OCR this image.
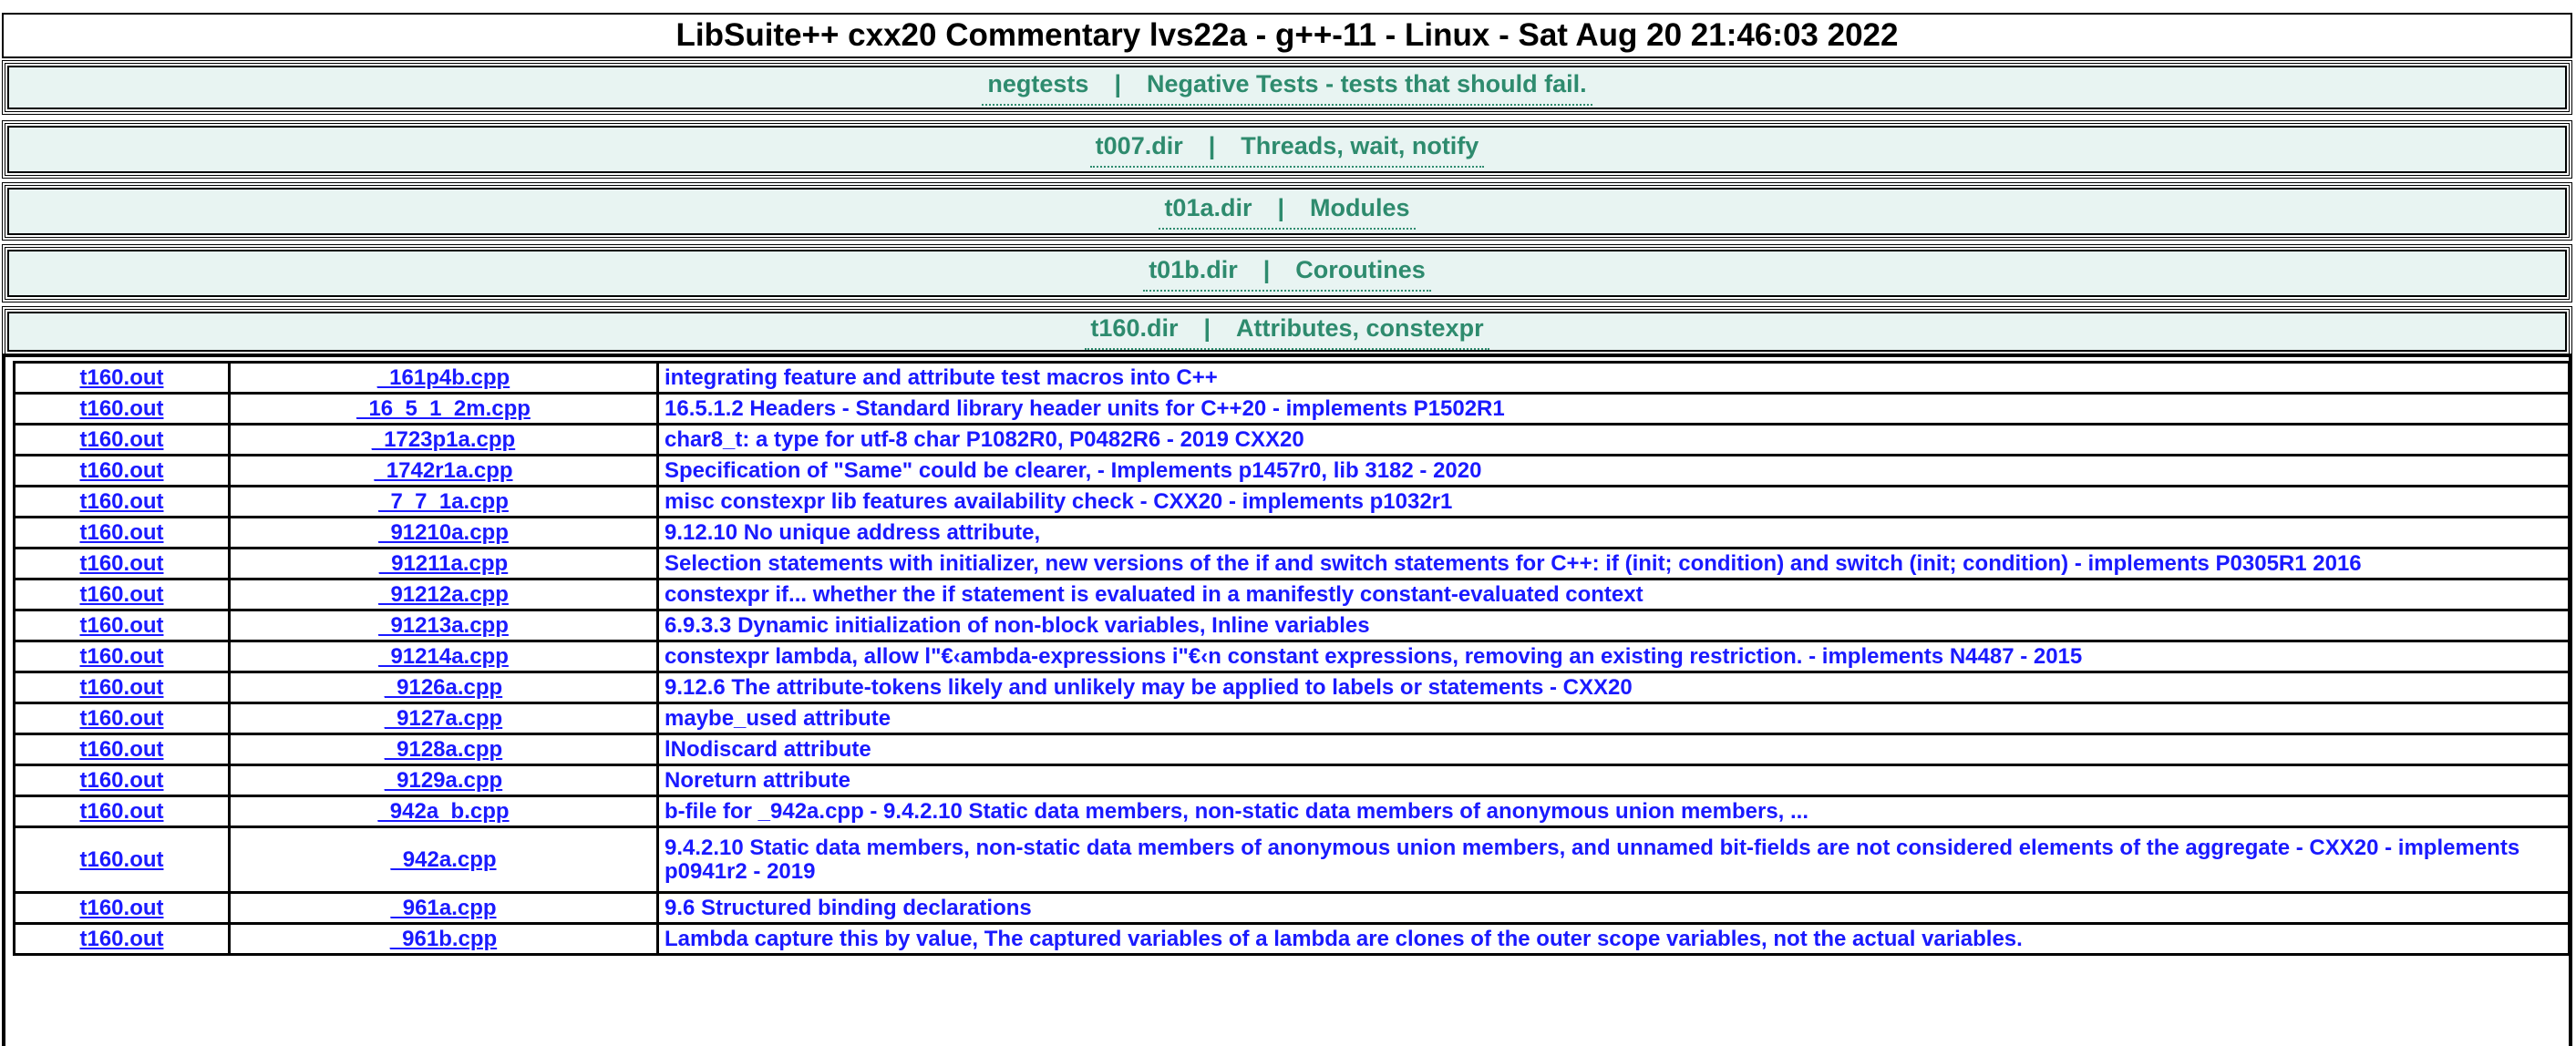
LibSuite++ cxx20 Commentary lvs22a - g++-11 - Linux - Sat Aug 20 21:46:03 2022
negtests | Negative Tests - tests that should fail.
t007.dir | Threads, wait, notify
t01a.dir | Modules
t01b.dir | Coroutines
t160.dir | Attributes, constexpr
t160.out	_161p4b.cpp	integrating feature and attribute test macros into C++
t160.out	_16_5_1_2m.cpp	16.5.1.2 Headers - Standard library header units for C++20 - implements P1502R1
t160.out	_1723p1a.cpp	char8_t: a type for utf-8 char P1082R0, P0482R6 - 2019 CXX20
t160.out	_1742r1a.cpp	Specification of "Same" could be clearer, - Implements p1457r0, lib 3182 - 2020
t160.out	_7_7_1a.cpp	misc constexpr lib features availability check - CXX20 - implements p1032r1
t160.out	_91210a.cpp	9.12.10 No unique address attribute,
t160.out	_91211a.cpp	Selection statements with initializer, new versions of the if and switch statements for C++: if (init; condition) and switch (init; condition) - implements P0305R1 2016
t160.out	_91212a.cpp	constexpr if... whether the if statement is evaluated in a manifestly constant-evaluated context
t160.out	_91213a.cpp	6.9.3.3 Dynamic initialization of non-block variables, Inline variables
t160.out	_91214a.cpp	constexpr lambda, allow l"€‹ambda-expressions i"€‹n constant expressions, removing an existing restriction. - implements N4487 - 2015
t160.out	_9126a.cpp	9.12.6 The attribute-tokens likely and unlikely may be applied to labels or statements - CXX20
t160.out	_9127a.cpp	maybe_used attribute
t160.out	_9128a.cpp	lNodiscard attribute
t160.out	_9129a.cpp	Noreturn attribute
t160.out	_942a_b.cpp	b-file for _942a.cpp - 9.4.2.10 Static data members, non-static data members of anonymous union members, ...
t160.out	_942a.cpp	9.4.2.10 Static data members, non-static data members of anonymous union members, and unnamed bit-fields are not considered elements of the aggregate - CXX20 - implements p0941r2 - 2019
t160.out	_961a.cpp	9.6 Structured binding declarations
t160.out	_961b.cpp	Lambda capture this by value, The captured variables of a lambda are clones of the outer scope variables, not the actual variables.
